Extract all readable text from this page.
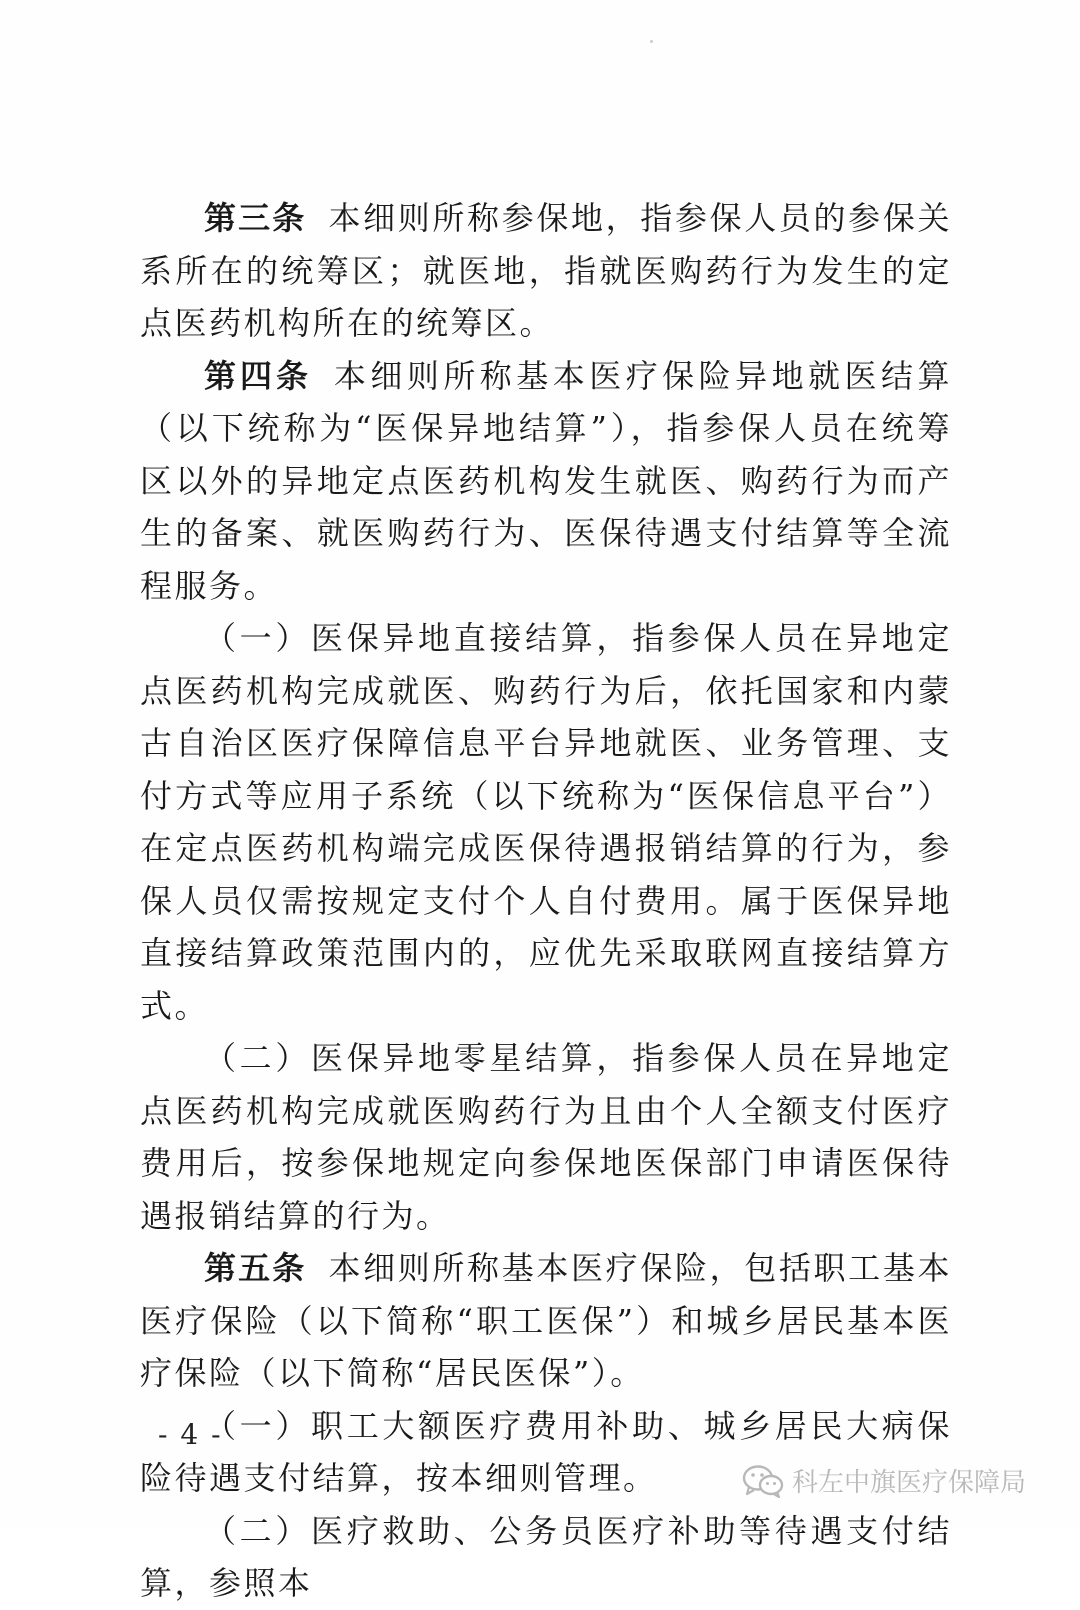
第三条 本细则所称参保地，指参保人员的参保关系所在的统筹区；就医地，指就医购药行为发生的定点医药机构所在的统筹区。

第四条 本细则所称基本医疗保险异地就医结算（以下统称为“医保异地结算”），指参保人员在统筹区以外的异地定点医药机构发生就医、购药行为而产生的备案、就医购药行为、医保待遇支付结算等全流程服务。

（一）医保异地直接结算，指参保人员在异地定点医药机构完成就医、购药行为后，依托国家和内蒙古自治区医疗保障信息平台异地就医、业务管理、支付方式等应用子系统（以下统称为“医保信息平台”）在定点医药机构端完成医保待遇报销结算的行为，参保人员仅需按规定支付个人自付费用。属于医保异地直接结算政策范围内的，应优先采取联网直接结算方式。

（二）医保异地零星结算，指参保人员在异地定点医药机构完成就医购药行为且由个人全额支付医疗费用后，按参保地规定向参保地医保部门申请医保待遇报销结算的行为。

第五条 本细则所称基本医疗保险，包括职工基本医疗保险（以下简称“职工医保”）和城乡居民基本医疗保险（以下简称“居民医保”）。

（一）职工大额医疗费用补助、城乡居民大病保险待遇支付结算，按本细则管理。

（二）医疗救助、公务员医疗补助等待遇支付结算，参照本

- 4 -
科左中旗医疗保障局
